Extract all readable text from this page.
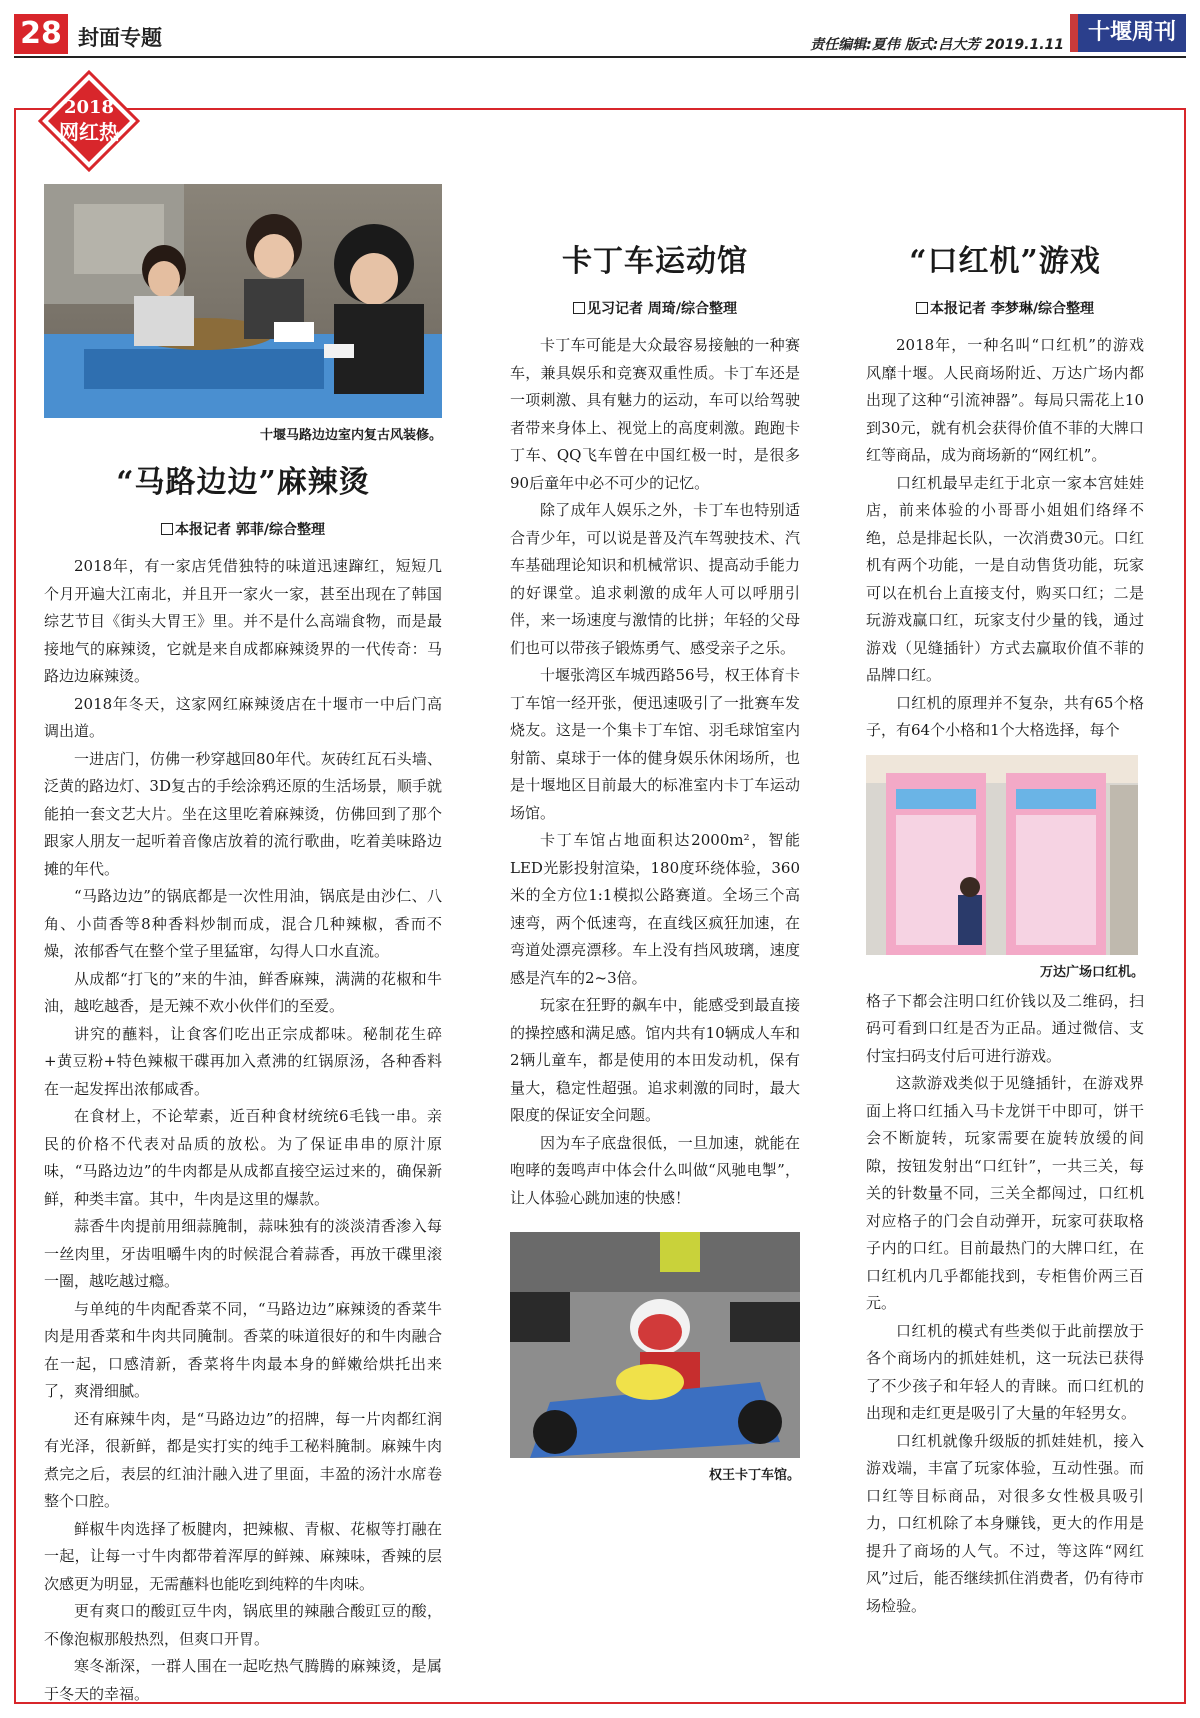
28 封面专题	责任编辑:夏伟 版式:吕大芳 2019.1.11	十堰周刊
2018
网红热
十堰马路边边室内复古风装修。
“马路边边”麻辣烫
本报记者 郭菲/综合整理

2018年，有一家店凭借独特的味道迅速蹿红，短短几个月开遍大江南北，并且开一家火一家，甚至出现在了韩国综艺节目《街头大胃王》里。并不是什么高端食物，而是最接地气的麻辣烫，它就是来自成都麻辣烫界的一代传奇：马路边边麻辣烫。

2018年冬天，这家网红麻辣烫店在十堰市一中后门高调出道。

一进店门，仿佛一秒穿越回80年代。灰砖红瓦石头墙、泛黄的路边灯、3D复古的手绘涂鸦还原的生活场景，顺手就能拍一套文艺大片。坐在这里吃着麻辣烫，仿佛回到了那个跟家人朋友一起听着音像店放着的流行歌曲，吃着美味路边摊的年代。

“马路边边”的锅底都是一次性用油，锅底是由沙仁、八角、小茴香等8种香料炒制而成，混合几种辣椒，香而不燥，浓郁香气在整个堂子里猛窜，勾得人口水直流。

从成都“打飞的”来的牛油，鲜香麻辣，满满的花椒和牛油，越吃越香，是无辣不欢小伙伴们的至爱。

讲究的蘸料，让食客们吃出正宗成都味。秘制花生碎+黄豆粉+特色辣椒干碟再加入煮沸的红锅原汤，各种香料在一起发挥出浓郁咸香。

在食材上，不论荤素，近百种食材统统6毛钱一串。亲民的价格不代表对品质的放松。为了保证串串的原汁原味，“马路边边”的牛肉都是从成都直接空运过来的，确保新鲜，种类丰富。其中，牛肉是这里的爆款。

蒜香牛肉提前用细蒜腌制，蒜味独有的淡淡清香渗入每一丝肉里，牙齿咀嚼牛肉的时候混合着蒜香，再放干碟里滚一圈，越吃越过瘾。

与单纯的牛肉配香菜不同，“马路边边”麻辣烫的香菜牛肉是用香菜和牛肉共同腌制。香菜的味道很好的和牛肉融合在一起，口感清新，香菜将牛肉最本身的鲜嫩给烘托出来了，爽滑细腻。

还有麻辣牛肉，是“马路边边”的招牌，每一片肉都红润有光泽，很新鲜，都是实打实的纯手工秘料腌制。麻辣牛肉煮完之后，表层的红油汁融入进了里面，丰盈的汤汁水席卷整个口腔。

鲜椒牛肉选择了板腱肉，把辣椒、青椒、花椒等打融在一起，让每一寸牛肉都带着浑厚的鲜辣、麻辣味，香辣的层次感更为明显，无需蘸料也能吃到纯粹的牛肉味。

更有爽口的酸豇豆牛肉，锅底里的辣融合酸豇豆的酸，不像泡椒那般热烈，但爽口开胃。

寒冬渐深，一群人围在一起吃热气腾腾的麻辣烫，是属于冬天的幸福。

卡丁车运动馆
见习记者 周琦/综合整理

卡丁车可能是大众最容易接触的一种赛车，兼具娱乐和竞赛双重性质。卡丁车还是一项刺激、具有魅力的运动，车可以给驾驶者带来身体上、视觉上的高度刺激。跑跑卡丁车、QQ飞车曾在中国红极一时，是很多90后童年中必不可少的记忆。

除了成年人娱乐之外，卡丁车也特别适合青少年，可以说是普及汽车驾驶技术、汽车基础理论知识和机械常识、提高动手能力的好课堂。追求刺激的成年人可以呼朋引伴，来一场速度与激情的比拼；年轻的父母们也可以带孩子锻炼勇气、感受亲子之乐。

十堰张湾区车城西路56号，权王体育卡丁车馆一经开张，便迅速吸引了一批赛车发烧友。这是一个集卡丁车馆、羽毛球馆室内射箭、桌球于一体的健身娱乐休闲场所，也是十堰地区目前最大的标准室内卡丁车运动场馆。

卡丁车馆占地面积达2000m²，智能LED光影投射渲染，180度环绕体验，360米的全方位1:1模拟公路赛道。全场三个高速弯，两个低速弯，在直线区疯狂加速，在弯道处漂亮漂移。车上没有挡风玻璃，速度感是汽车的2~3倍。

玩家在狂野的飙车中，能感受到最直接的操控感和满足感。馆内共有10辆成人车和2辆儿童车，都是使用的本田发动机，保有量大，稳定性超强。追求刺激的同时，最大限度的保证安全问题。

因为车子底盘很低，一旦加速，就能在咆哮的轰鸣声中体会什么叫做“风驰电掣”，让人体验心跳加速的快感！

权王卡丁车馆。
“口红机”游戏
本报记者 李梦琳/综合整理

2018年，一种名叫“口红机”的游戏风靡十堰。人民商场附近、万达广场内都出现了这种“引流神器”。每局只需花上10到30元，就有机会获得价值不菲的大牌口红等商品，成为商场新的“网红机”。

口红机最早走红于北京一家本宫娃娃店，前来体验的小哥哥小姐姐们络绎不绝，总是排起长队，一次消费30元。口红机有两个功能，一是自动售货功能，玩家可以在机台上直接支付，购买口红；二是玩游戏赢口红，玩家支付少量的钱，通过游戏（见缝插针）方式去赢取价值不菲的品牌口红。

口红机的原理并不复杂，共有65个格子，有64个小格和1个大格选择，每个

万达广场口红机。

格子下都会注明口红价钱以及二维码，扫码可看到口红是否为正品。通过微信、支付宝扫码支付后可进行游戏。

这款游戏类似于见缝插针，在游戏界面上将口红插入马卡龙饼干中即可，饼干会不断旋转，玩家需要在旋转放缓的间隙，按钮发射出“口红针”，一共三关，每关的针数量不同，三关全都闯过，口红机对应格子的门会自动弹开，玩家可获取格子内的口红。目前最热门的大牌口红，在口红机内几乎都能找到，专柜售价两三百元。

口红机的模式有些类似于此前摆放于各个商场内的抓娃娃机，这一玩法已获得了不少孩子和年轻人的青睐。而口红机的出现和走红更是吸引了大量的年轻男女。

口红机就像升级版的抓娃娃机，接入游戏端，丰富了玩家体验，互动性强。而口红等目标商品，对很多女性极具吸引力，口红机除了本身赚钱，更大的作用是提升了商场的人气。不过，等这阵“网红风”过后，能否继续抓住消费者，仍有待市场检验。
